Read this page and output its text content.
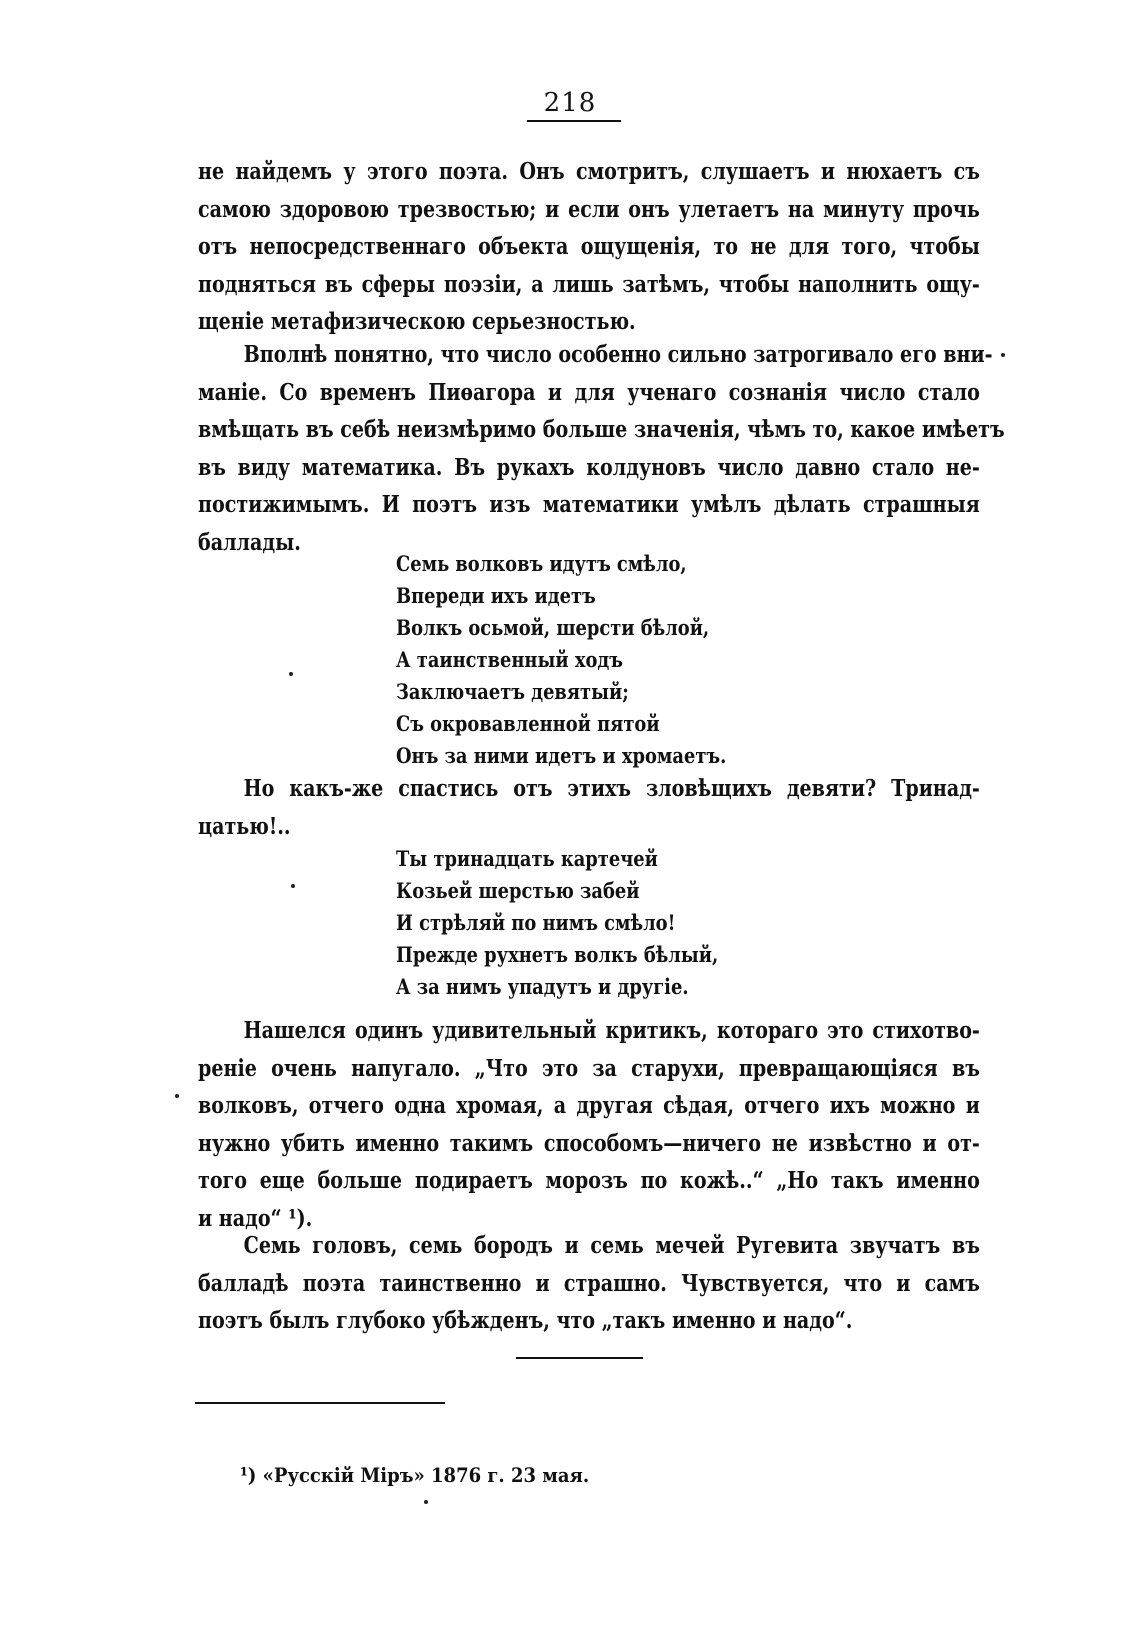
218
не найдемъ у этого поэта. Онъ смотритъ, слушаетъ и нюхаетъ съ
самою здоровою трезвостью; и если онъ улетаетъ на минуту прочь
отъ непосредственнаго объекта ощущенія, то не для того, чтобы
подняться въ сферы поэзіи, а лишь затѣмъ, чтобы наполнить ощу-
щеніе метафизическою серьезностью.
Вполнѣ понятно, что число особенно сильно затрогивало его вни-
маніе. Со временъ Пиѳагора и для ученаго сознанія число стало
вмѣщать въ себѣ неизмѣримо больше значенія, чѣмъ то, какое имѣетъ
въ виду математика. Въ рукахъ колдуновъ число давно стало не-
постижимымъ. И поэтъ изъ математики умѣлъ дѣлать страшныя
баллады.
Семь волковъ идутъ смѣло,
Впереди ихъ идетъ
Волкъ осьмой, шерсти бѣлой,
А таинственный ходъ
Заключаетъ девятый;
Съ окровавленной пятой
Онъ за ними идетъ и хромаетъ.
Но какъ-же спастись отъ этихъ зловѣщихъ девяти? Тринад-
цатью!..
Ты тринадцать картечей
Козьей шерстью забей
И стрѣляй по нимъ смѣло!
Прежде рухнетъ волкъ бѣлый,
А за нимъ упадутъ и другіе.
Нашелся одинъ удивительный критикъ, котораго это стихотво-
реніе очень напугало. „Что это за старухи, превращающіяся въ
волковъ, отчего одна хромая, а другая сѣдая, отчего ихъ можно и
нужно убить именно такимъ способомъ—ничего не извѣстно и от-
того еще больше подираетъ морозъ по кожѣ..“ „Но такъ именно
и надо“ ¹).
Семь головъ, семь бородъ и семь мечей Ругевита звучатъ въ
балладѣ поэта таинственно и страшно. Чувствуется, что и самъ
поэтъ былъ глубоко убѣжденъ, что „такъ именно и надо“.
¹) «Русскій Міръ» 1876 г. 23 мая.
